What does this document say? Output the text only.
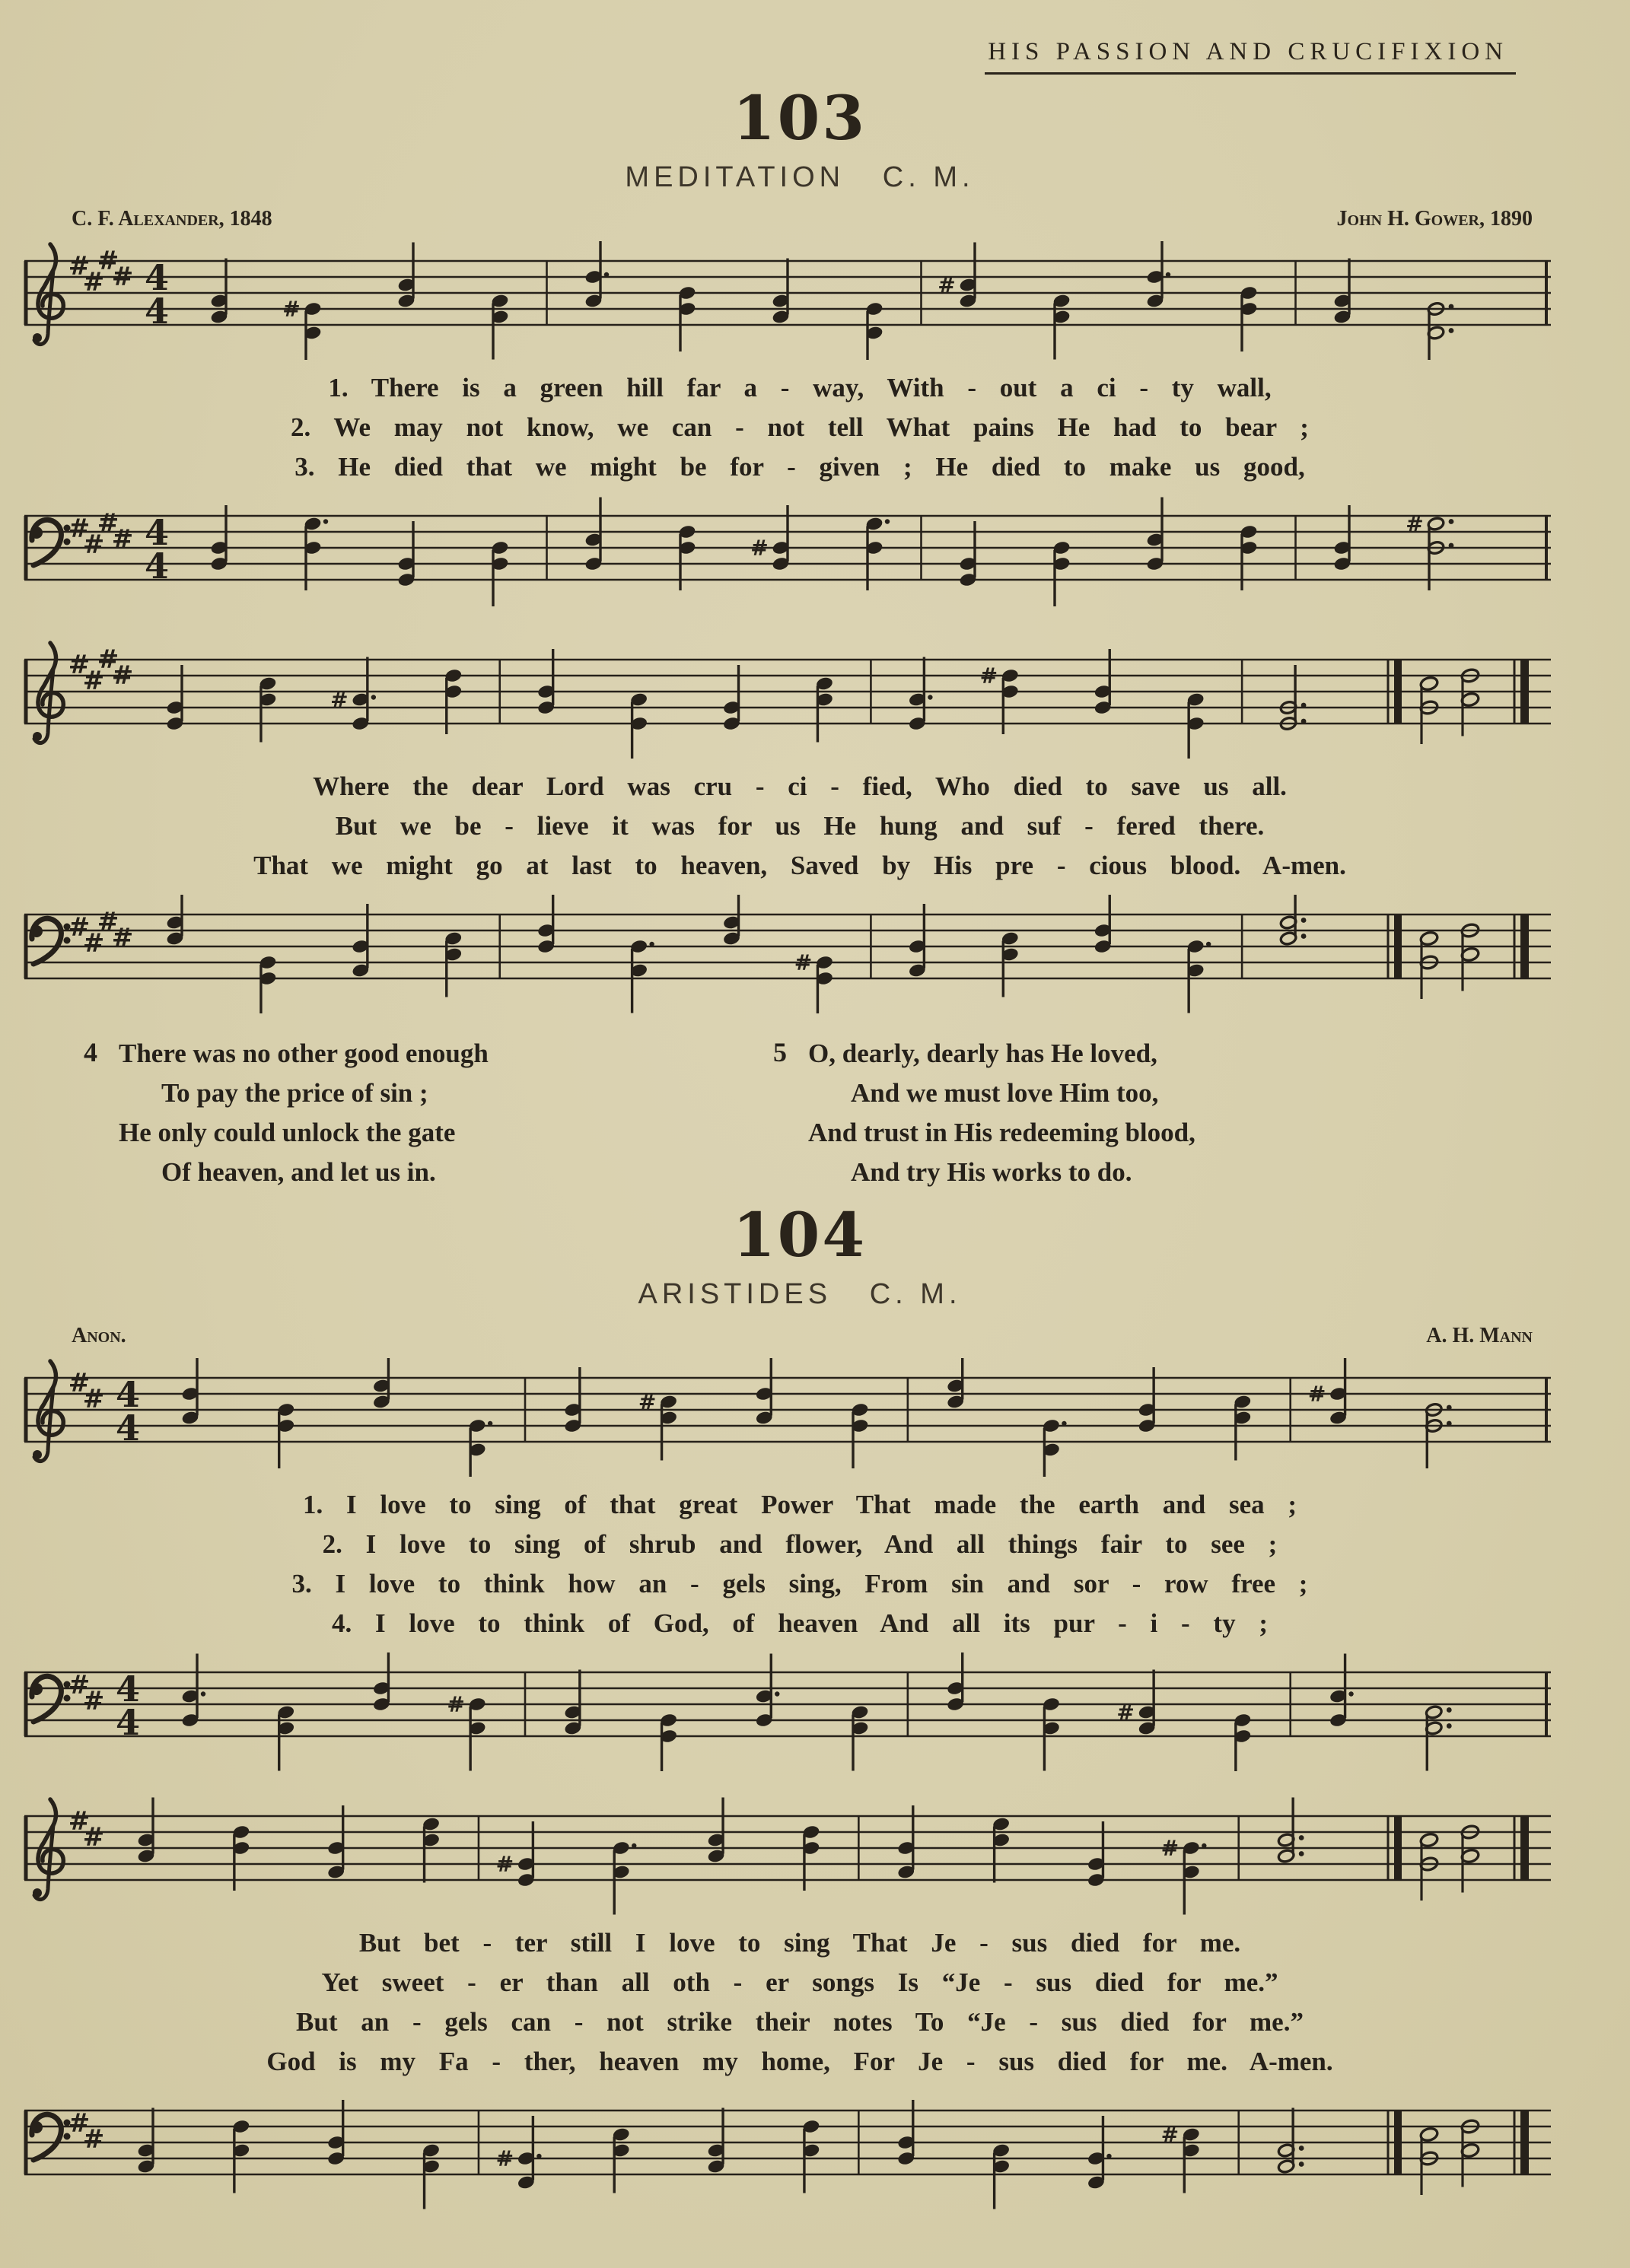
HIS PASSION AND CRUCIFIXION
103
MEDITATION   C. M.
C. F. Alexander, 1848	John H. Gower, 1890
#
#
#
# 4
4	#
#
1. There is a green hill far a - way, With - out a ci - ty wall,
2. We may not know, we can - not tell What pains He had to bear ;
3. He died that we might be for - given ; He died to make us good,
#
#
#
# 4
4	#
#
#
#
#
#
#
#
Where the dear Lord was cru - ci - fied, Who died to save us all.
But we be - lieve it was for us He hung and suf - fered there.
That we might go at last to heaven, Saved by His pre - cious blood. A-men.
#
#
#
#
#
4 There was no other good enough
To pay the price of sin ;
He only could unlock the gate
Of heaven, and let us in.
5 O, dearly, dearly has He loved,
And we must love Him too,
And trust in His redeeming blood,
And try His works to do.
104
ARISTIDES   C. M.
Anon.	A. H. Mann
#
# 4
4
#	#
1. I love to sing of that great Power That made the earth and sea ;
2. I love to sing of shrub and flower, And all things fair to see ;
3. I love to think how an - gels sing, From sin and sor - row free ;
4. I love to think of God, of heaven And all its pur - i - ty ;
#
# 4
4	#	#
#
#
#
#
But bet - ter still I love to sing That Je - sus died for me.
Yet sweet - er than all oth - er songs Is “Je - sus died for me.”
But an - gels can - not strike their notes To “Je - sus died for me.”
God is my Fa - ther, heaven my home, For Je - sus died for me. A-men.
#
#
#
#
